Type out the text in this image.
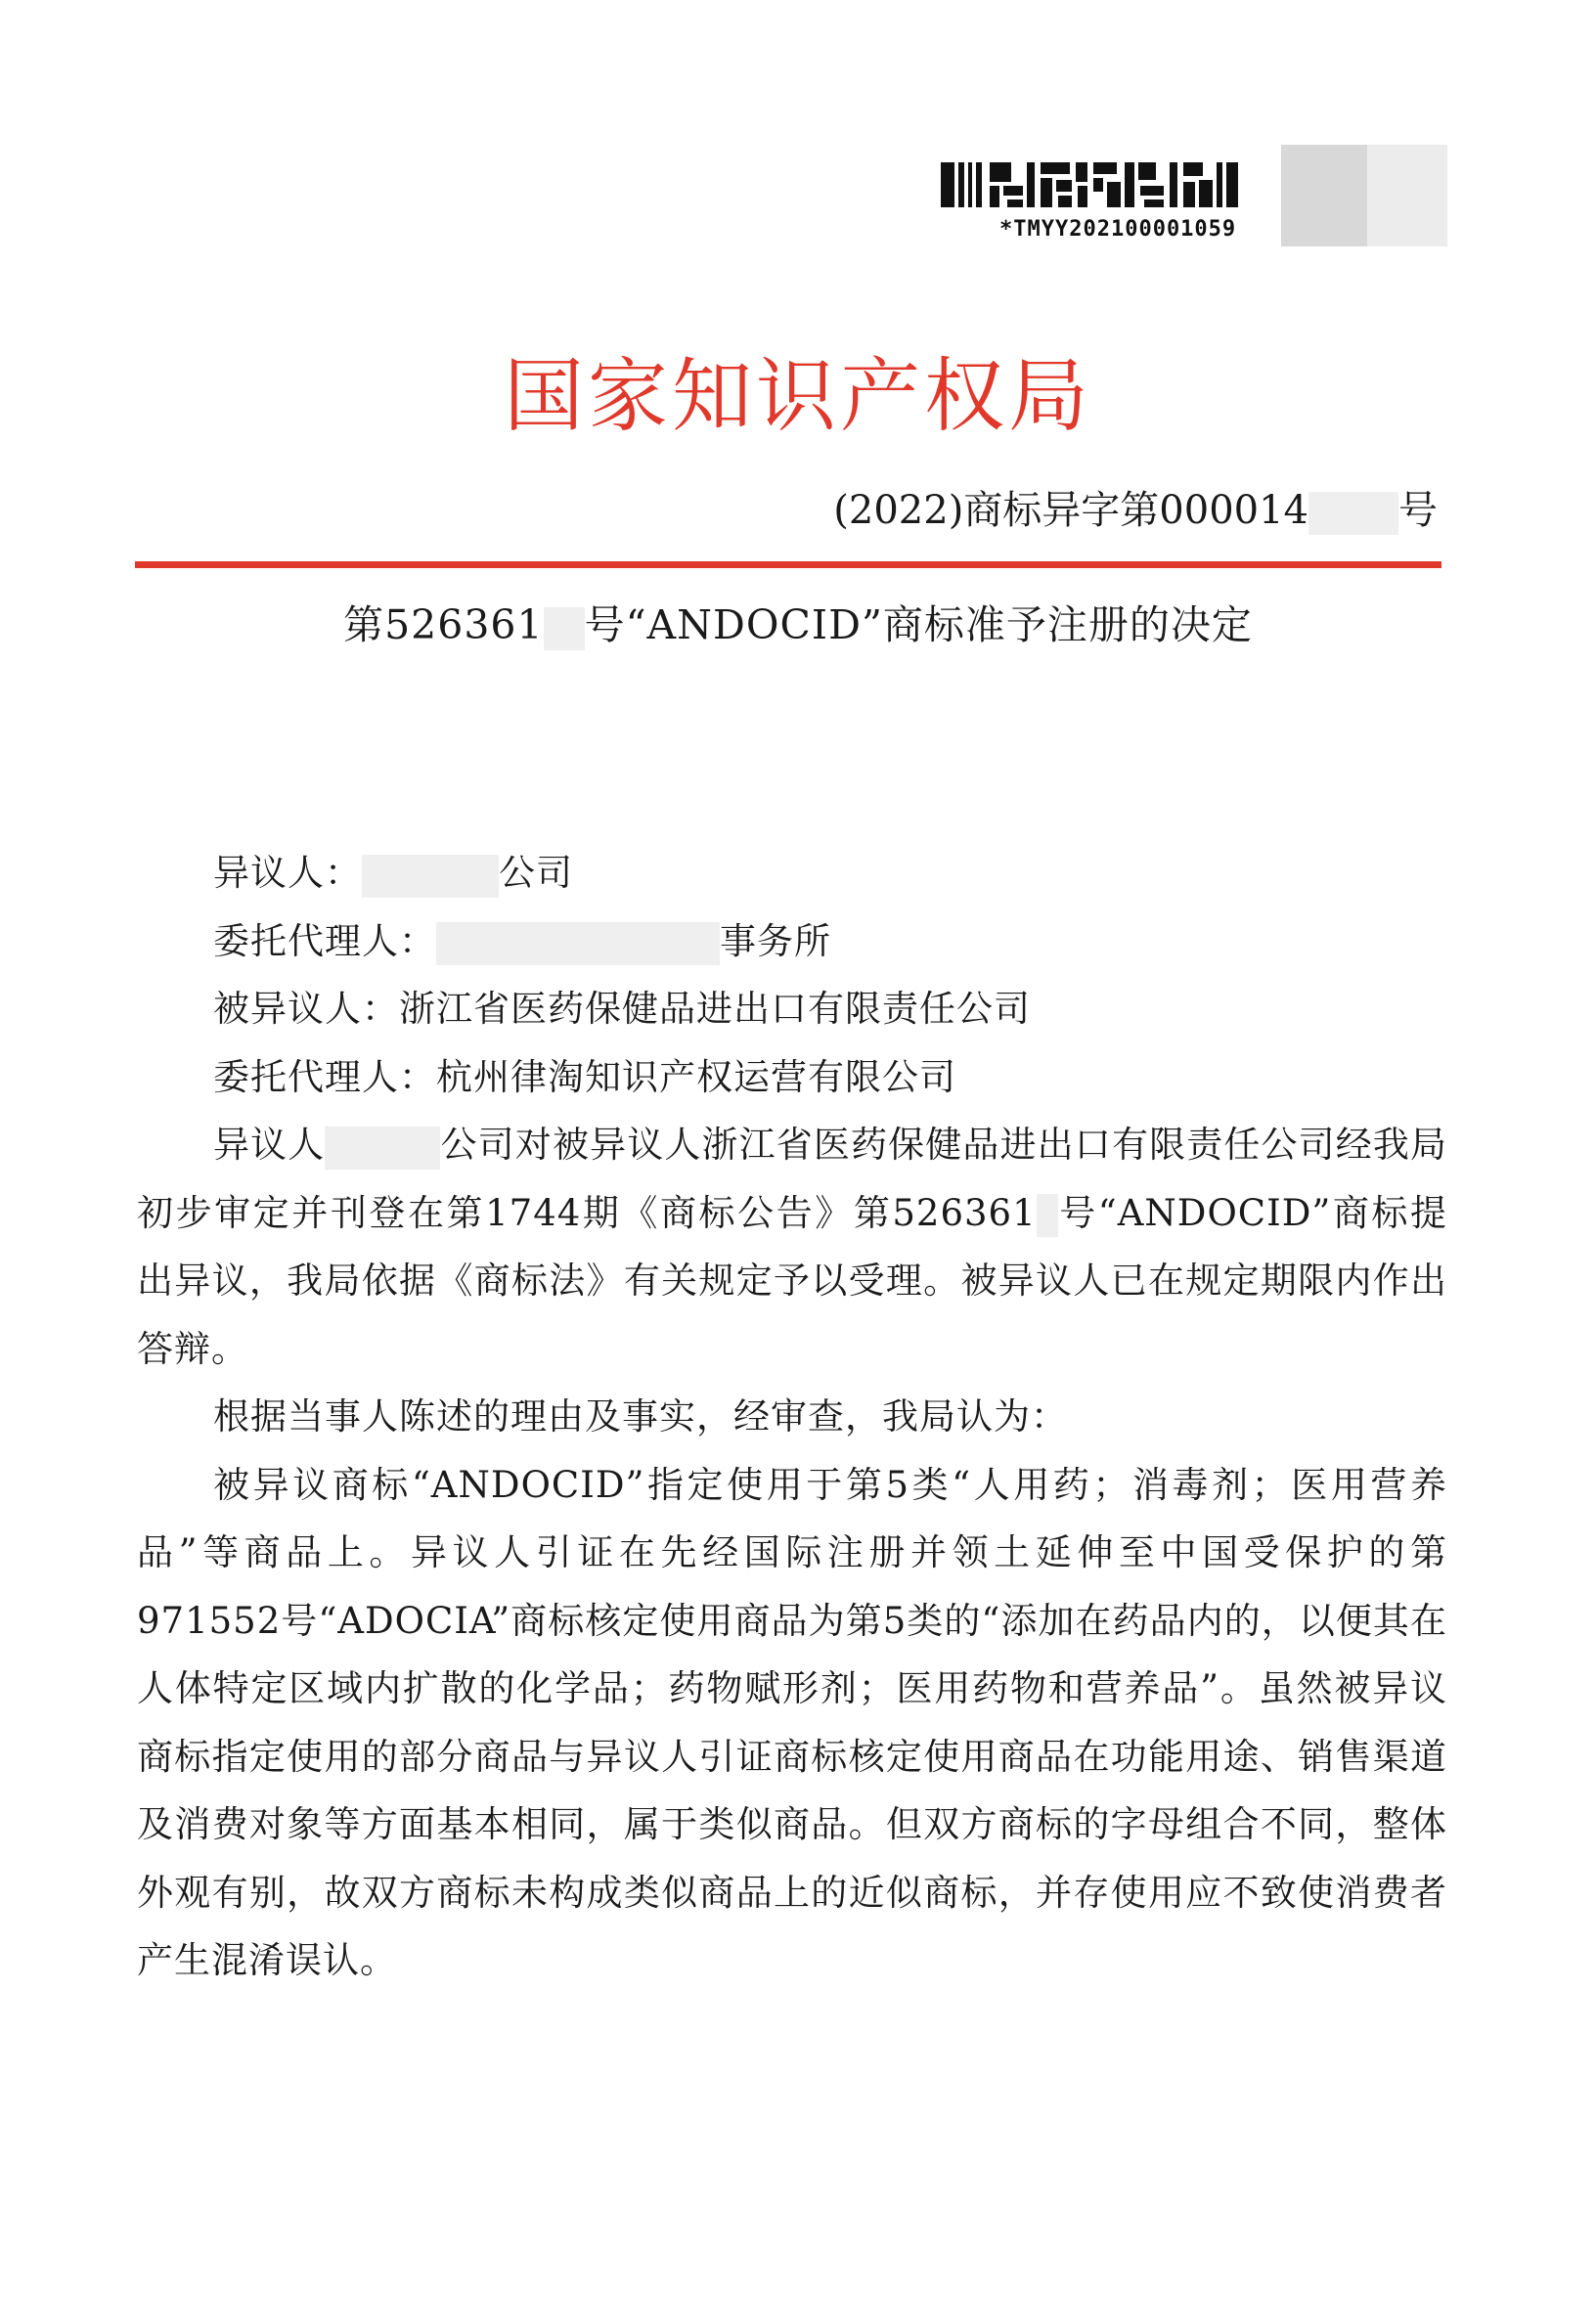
*TMYY202100001059
国家知识产权局
(2022)商标异字第000014 号
第526361 号“ANDOCID”商标准予注册的决定

异议人：	公司

委托代理人：	事务所

被异议人：浙江省医药保健品进出口有限责任公司

委托代理人：杭州律淘知识产权运营有限公司

异议人	公司对被异议人浙江省医药保健品进出口有限责任公司经我局初步审定并刊登在第1744期《商标公告》第526361 号“ANDOCID”商标提出异议，我局依据《商标法》有关规定予以受理。被异议人已在规定期限内作出答辩。

根据当事人陈述的理由及事实，经审查，我局认为：

被异议商标“ANDOCID”指定使用于第5类“人用药；消毒剂；医用营养品”等商品上。异议人引证在先经国际注册并领土延伸至中国受保护的第971552号“ADOCIA”商标核定使用商品为第5类的“添加在药品内的，以便其在人体特定区域内扩散的化学品；药物赋形剂；医用药物和营养品”。虽然被异议商标指定使用的部分商品与异议人引证商标核定使用商品在功能用途、销售渠道及消费对象等方面基本相同，属于类似商品。但双方商标的字母组合不同，整体外观有别，故双方商标未构成类似商品上的近似商标，并存使用应不致使消费者产生混淆误认。
